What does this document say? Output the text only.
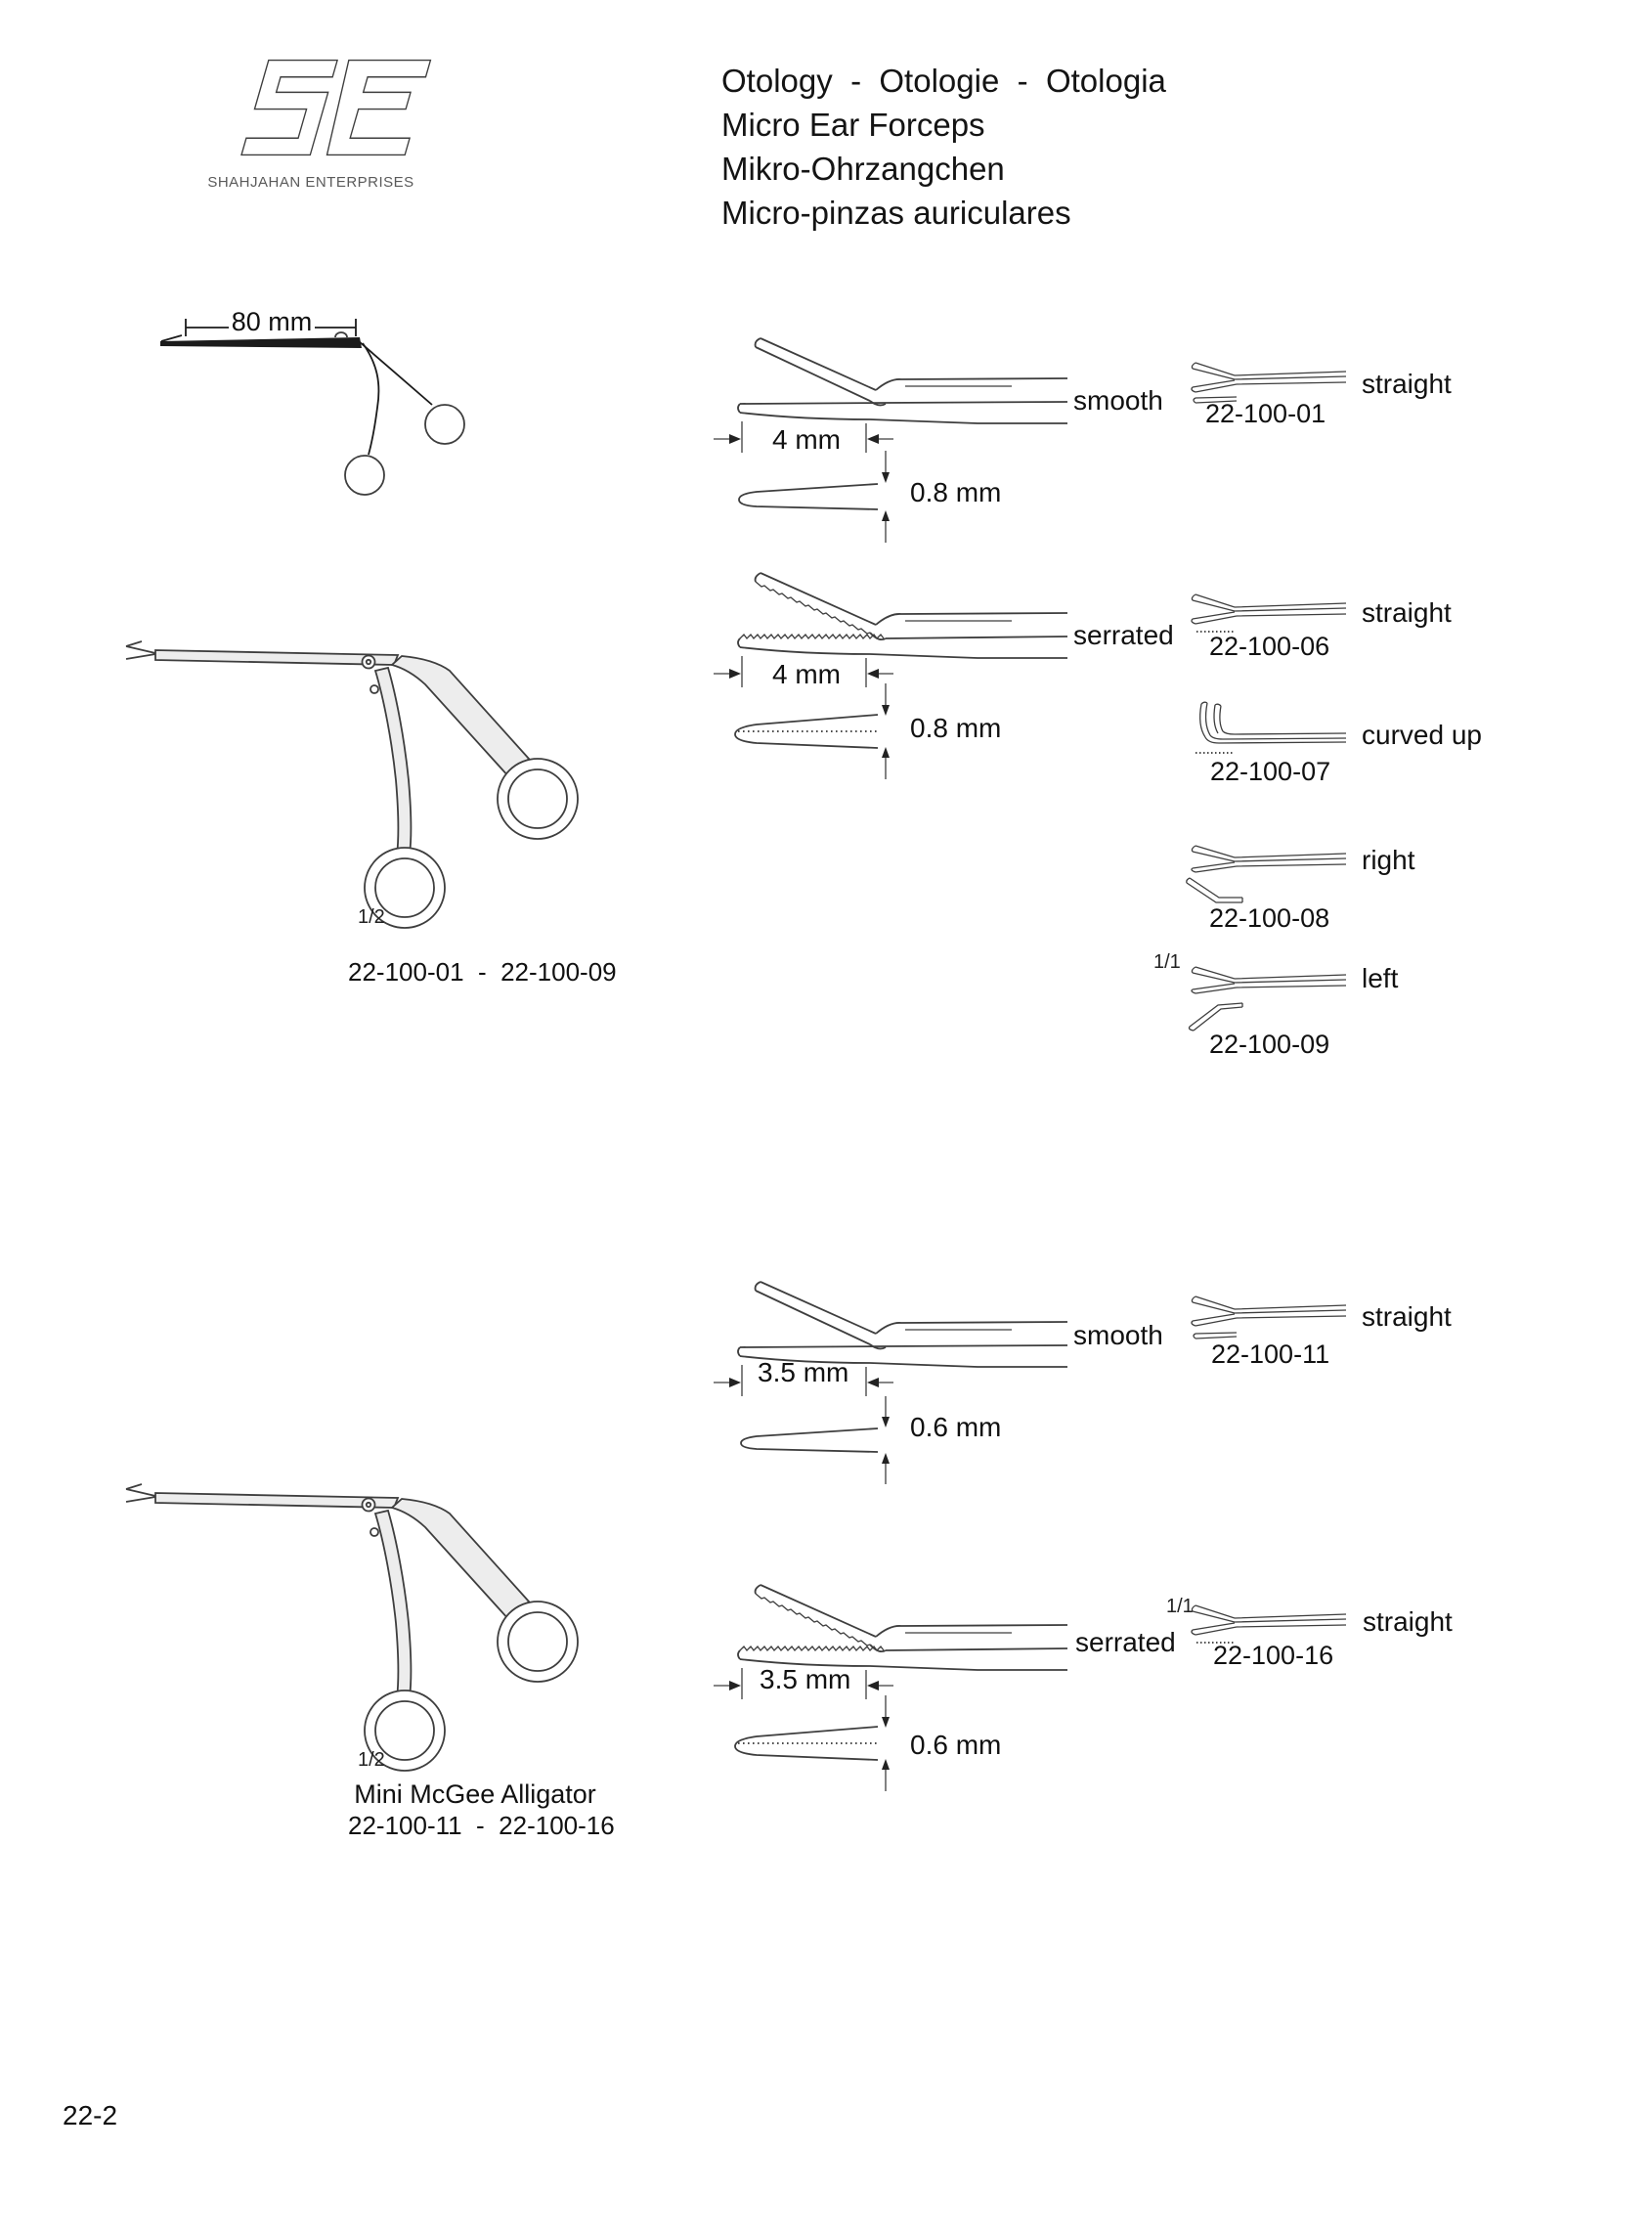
SHAHJAHAN ENTERPRISES
Otology  -  Otologie  -  Otologia
Micro Ear Forceps
Mikro-Ohrzangchen
Micro-pinzas auriculares
80 mm
1/2
22-100-01  -  22-100-09
smooth
4 mm
0.8 mm
serrated
4 mm
0.8 mm
22-100-01
straight
22-100-06
straight
22-100-07
curved up
22-100-08
right
1/1
22-100-09
left
1/2
Mini McGee Alligator
22-100-11  -  22-100-16
smooth
3.5 mm
0.6 mm
22-100-11
straight
serrated
3.5 mm
0.6 mm
1/1
22-100-16
straight
22-2
